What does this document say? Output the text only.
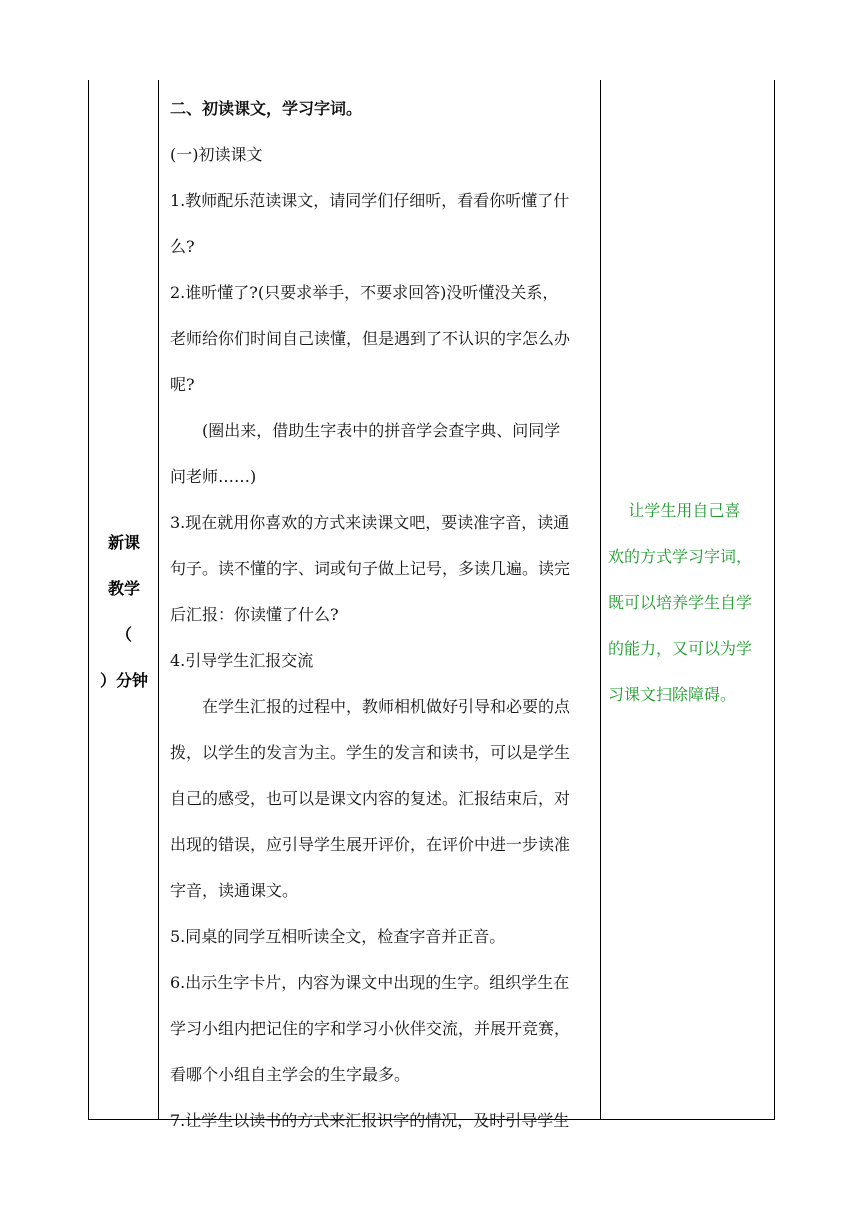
新课
教学
（
）分钟
二、初读课文，学习字词。
(一)初读课文
1.教师配乐范读课文，请同学们仔细听，看看你听懂了什
么?
2.谁听懂了?(只要求举手，不要求回答)没听懂没关系，
老师给你们时间自己读懂，但是遇到了不认识的字怎么办
呢?
(圈出来，借助生字表中的拼音学会查字典、问同学
问老师……)
3.现在就用你喜欢的方式来读课文吧，要读准字音，读通
句子。读不懂的字、词或句子做上记号，多读几遍。读完
后汇报：你读懂了什么?
4.引导学生汇报交流
在学生汇报的过程中，教师相机做好引导和必要的点
拨，以学生的发言为主。学生的发言和读书，可以是学生
自己的感受，也可以是课文内容的复述。汇报结束后，对
出现的错误，应引导学生展开评价，在评价中进一步读准
字音，读通课文。
5.同桌的同学互相听读全文，检查字音并正音。
6.出示生字卡片，内容为课文中出现的生字。组织学生在
学习小组内把记住的字和学习小伙伴交流，并展开竞赛，
看哪个小组自主学会的生字最多。
7.让学生以读书的方式来汇报识字的情况，及时引导学生
让学生用自己喜
欢的方式学习字词，
既可以培养学生自学
的能力，又可以为学
习课文扫除障碍。
